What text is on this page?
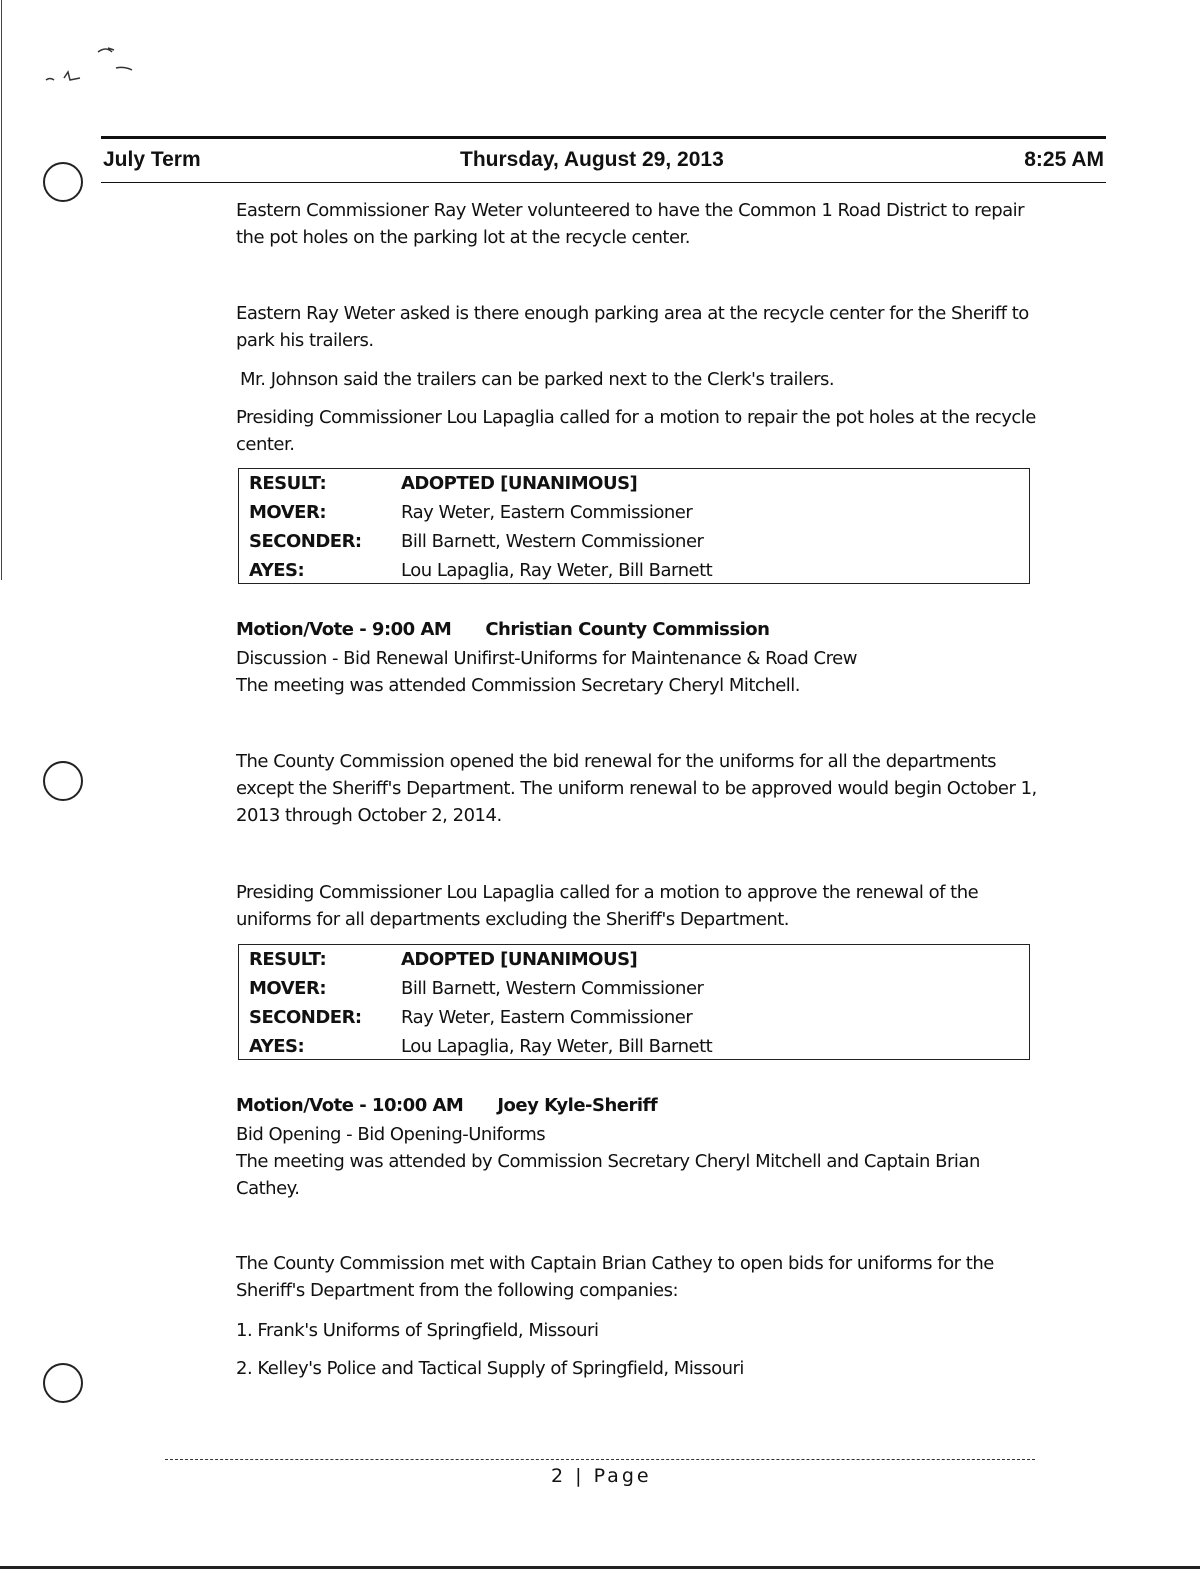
July Term	Thursday, August 29, 2013	8:25 AM

Eastern Commissioner Ray Weter volunteered to have the Common 1 Road District to repair the pot holes on the parking lot at the recycle center.

Eastern Ray Weter asked is there enough parking area at the recycle center for the Sheriff to park his trailers.

Mr. Johnson said the trailers can be parked next to the Clerk's trailers.

Presiding Commissioner Lou Lapaglia called for a motion to repair the pot holes at the recycle center.

RESULT:	ADOPTED [UNANIMOUS]
MOVER:	Ray Weter, Eastern Commissioner
SECONDER: Bill Barnett, Western Commissioner
AYES:	Lou Lapaglia, Ray Weter, Bill Barnett
Motion/Vote - 9:00 AM Christian County Commission

Discussion - Bid Renewal Unifirst-Uniforms for Maintenance & Road Crew

The meeting was attended Commission Secretary Cheryl Mitchell.

The County Commission opened the bid renewal for the uniforms for all the departments except the Sheriff's Department. The uniform renewal to be approved would begin October 1, 2013 through October 2, 2014.

Presiding Commissioner Lou Lapaglia called for a motion to approve the renewal of the uniforms for all departments excluding the Sheriff's Department.

RESULT:	ADOPTED [UNANIMOUS]
MOVER:	Bill Barnett, Western Commissioner
SECONDER: Ray Weter, Eastern Commissioner
AYES:	Lou Lapaglia, Ray Weter, Bill Barnett
Motion/Vote - 10:00 AM Joey Kyle-Sheriff

Bid Opening - Bid Opening-Uniforms

The meeting was attended by Commission Secretary Cheryl Mitchell and Captain Brian Cathey.

The County Commission met with Captain Brian Cathey to open bids for uniforms for the Sheriff's Department from the following companies:

1. Frank's Uniforms of Springfield, Missouri

2. Kelley's Police and Tactical Supply of Springfield, Missouri

2 | Page
